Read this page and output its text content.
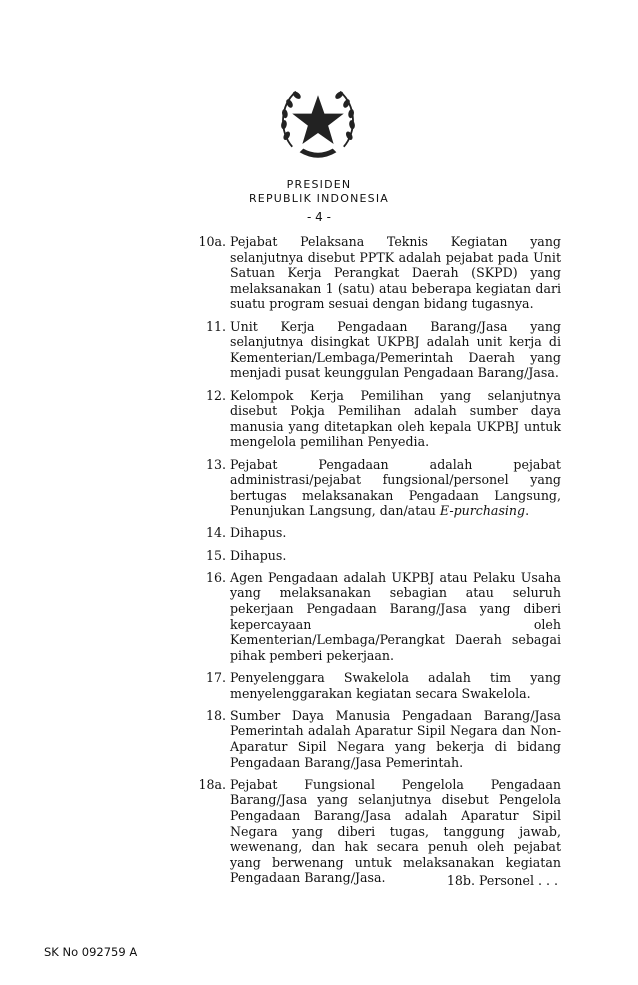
PRESIDEN
REPUBLIK INDONESIA
- 4 -
10a. Pejabat Pelaksana Teknis Kegiatan yang selanjutnya disebut PPTK adalah pejabat pada Unit Satuan Kerja Perangkat Daerah (SKPD) yang melaksanakan 1 (satu) atau beberapa kegiatan dari suatu program sesuai dengan bidang tugasnya.
11. Unit Kerja Pengadaan Barang/Jasa yang selanjutnya disingkat UKPBJ adalah unit kerja di Kementerian/Lembaga/Pemerintah Daerah yang menjadi pusat keunggulan Pengadaan Barang/Jasa.
12. Kelompok Kerja Pemilihan yang selanjutnya disebut Pokja Pemilihan adalah sumber daya manusia yang ditetapkan oleh kepala UKPBJ untuk mengelola pemilihan Penyedia.
13. Pejabat Pengadaan adalah pejabat administrasi/pejabat fungsional/personel yang bertugas melaksanakan Pengadaan Langsung, Penunjukan Langsung, dan/atau E-purchasing.
14. Dihapus.
15. Dihapus.
16. Agen Pengadaan adalah UKPBJ atau Pelaku Usaha yang melaksanakan sebagian atau seluruh pekerjaan Pengadaan Barang/Jasa yang diberi kepercayaan oleh Kementerian/Lembaga/Perangkat Daerah sebagai pihak pemberi pekerjaan.
17. Penyelenggara Swakelola adalah tim yang menyelenggarakan kegiatan secara Swakelola.
18. Sumber Daya Manusia Pengadaan Barang/Jasa Pemerintah adalah Aparatur Sipil Negara dan Non-Aparatur Sipil Negara yang bekerja di bidang Pengadaan Barang/Jasa Pemerintah.
18a. Pejabat Fungsional Pengelola Pengadaan Barang/Jasa yang selanjutnya disebut Pengelola Pengadaan Barang/Jasa adalah Aparatur Sipil Negara yang diberi tugas, tanggung jawab, wewenang, dan hak secara penuh oleh pejabat yang berwenang untuk melaksanakan kegiatan Pengadaan Barang/Jasa.	18b. Personel . . .
SK No 092759 A
